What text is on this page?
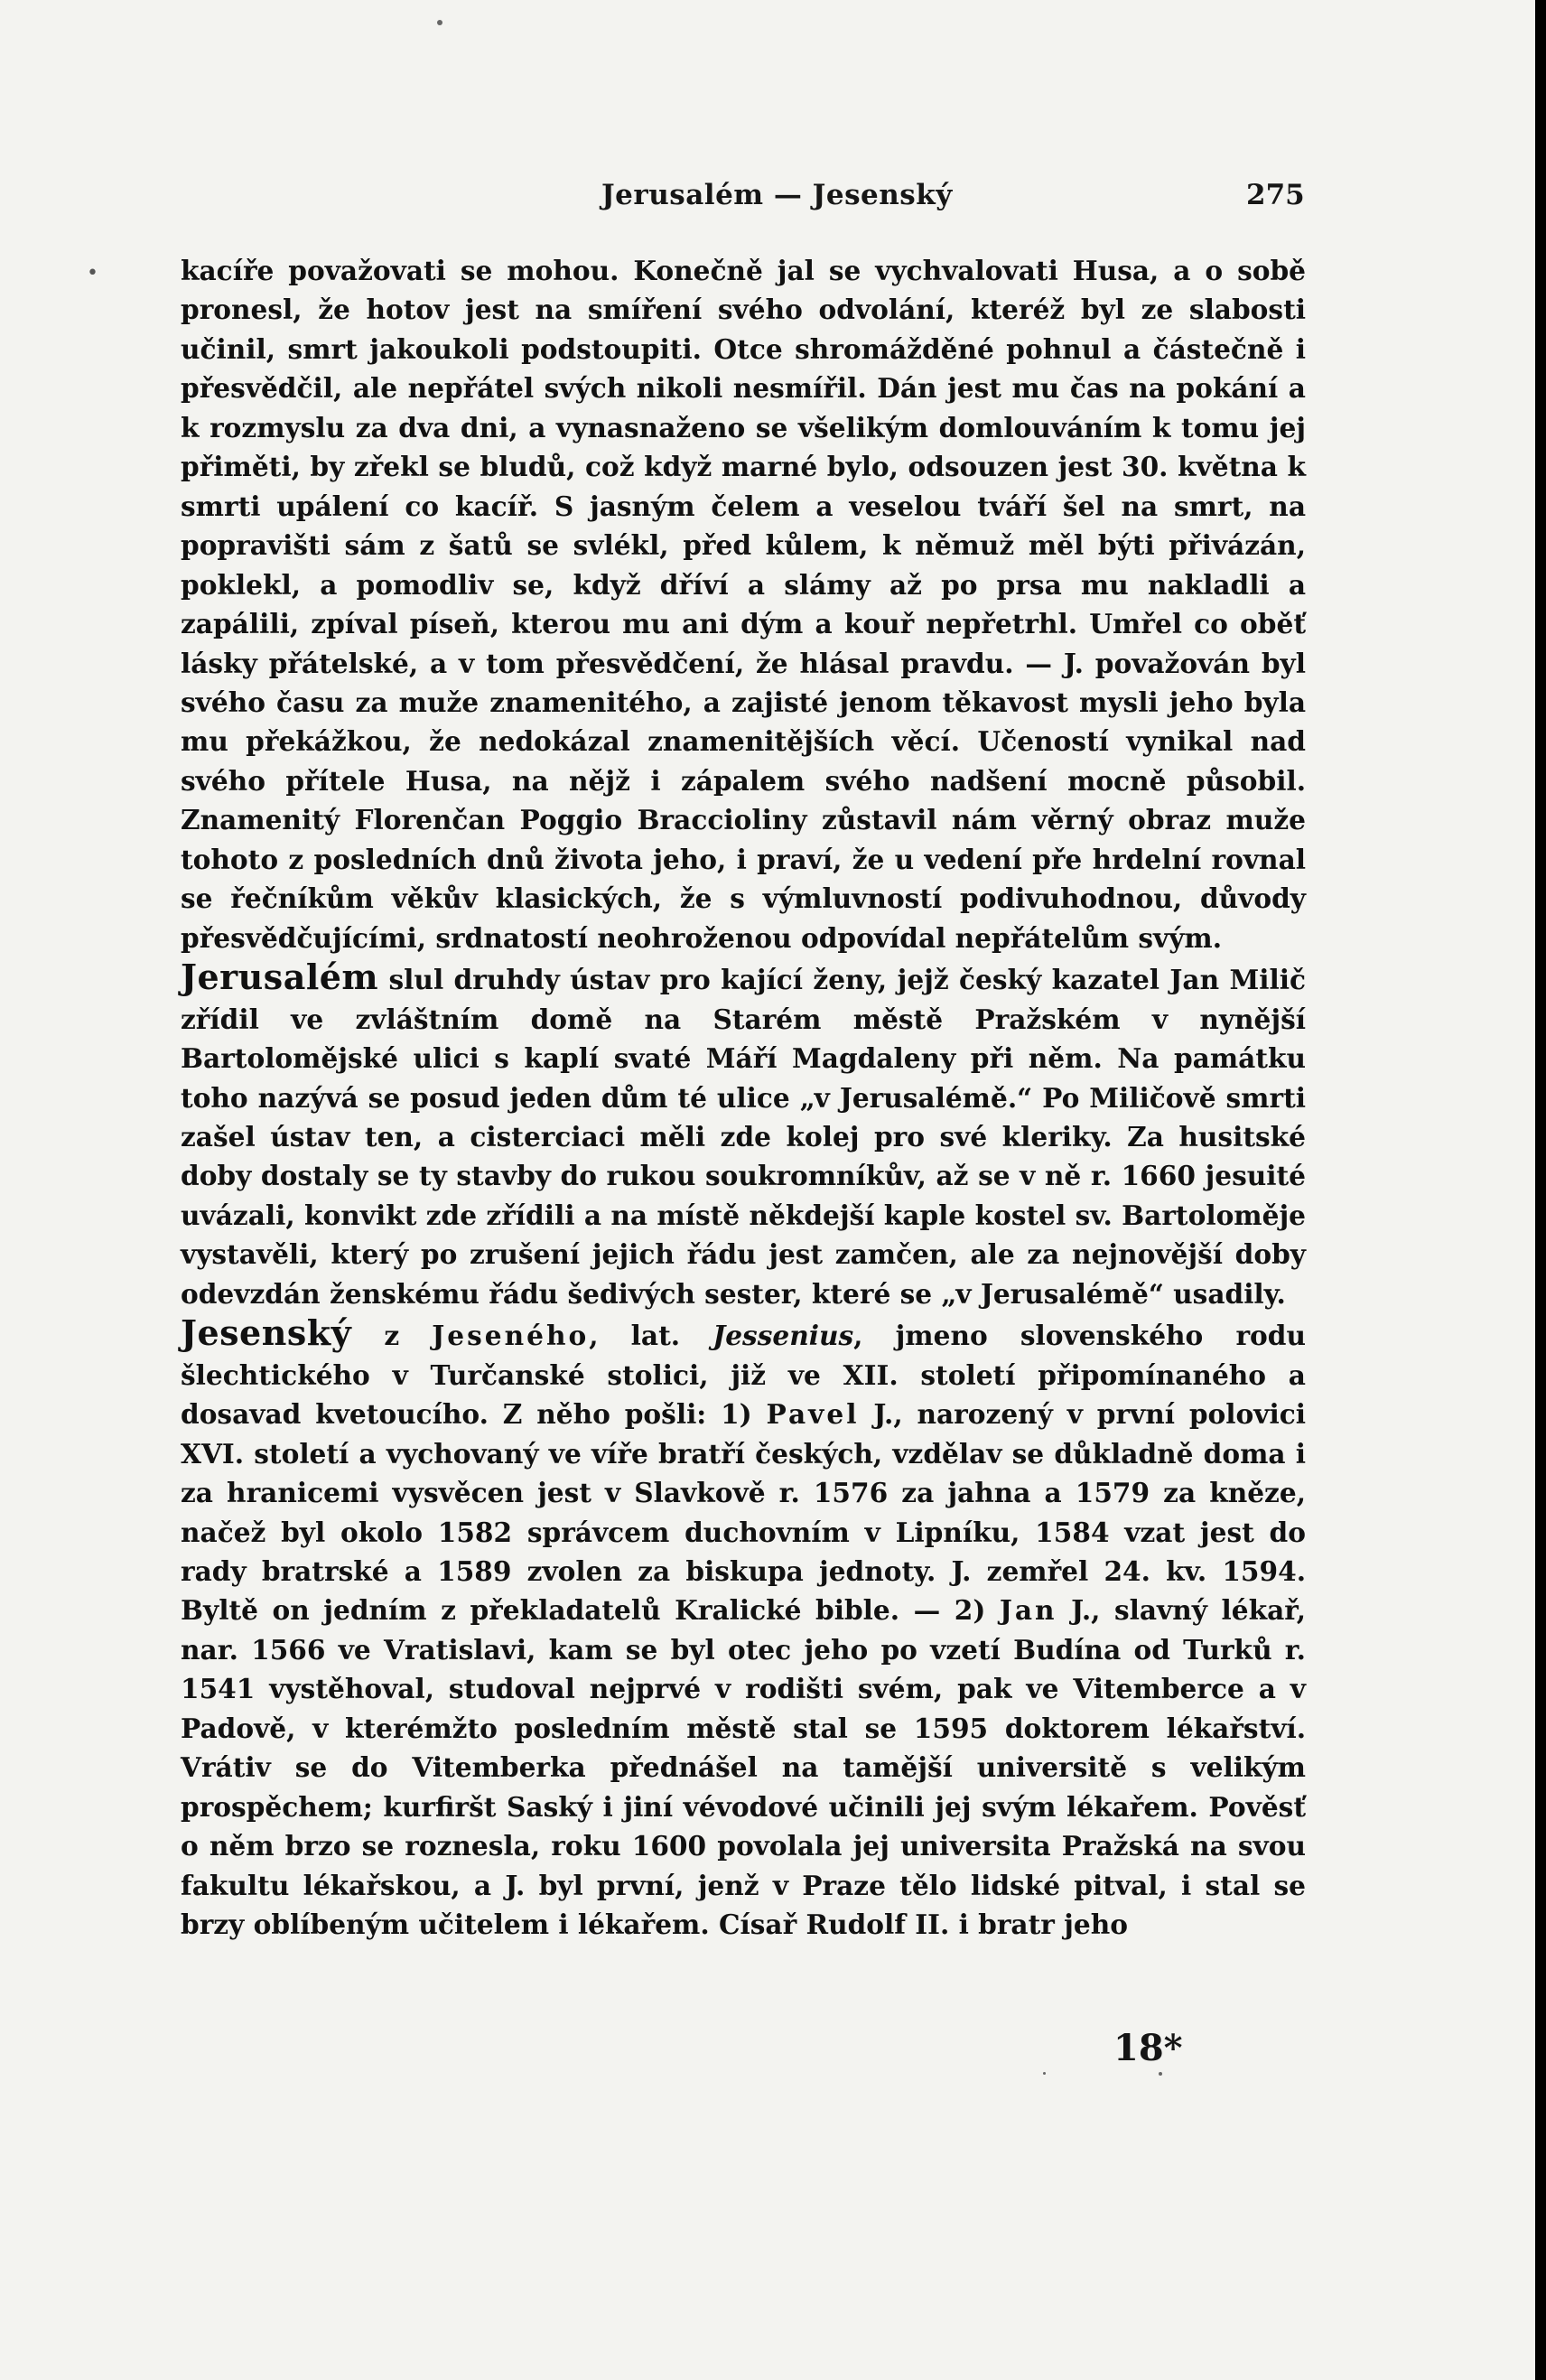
Jerusalém — Jesenský	275
•	kacíře považovati se mohou. Konečně jal se vychvalovati Husa, a o sobě pronesl, že hotov jest na smíření svého odvolání, kteréž byl ze slabosti učinil, smrt jakoukoli podstoupiti. Otce shromážděné pohnul a částečně i přesvědčil, ale nepřátel svých nikoli nesmířil. Dán jest mu čas na pokání a k rozmyslu za dva dni, a vynasnaženo se všelikým domlouváním k tomu jej přiměti, by zřekl se bludů, což když marné bylo, odsouzen jest 30. května k smrti upálení co kacíř. S jasným čelem a veselou tváří šel na smrt, na popravišti sám z šatů se svlékl, před kůlem, k němuž měl býti přivázán, poklekl, a pomodliv se, když dříví a slámy až po prsa mu nakladli a zapálili, zpíval píseň, kterou mu ani dým a kouř nepřetrhl. Umřel co oběť lásky přátelské, a v tom přesvědčení, že hlásal pravdu. — J. považován byl svého času za muže znamenitého, a zajisté jenom těkavost mysli jeho byla mu překážkou, že nedokázal znamenitějších věcí. Učeností vynikal nad svého přítele Husa, na nějž i zápalem svého nadšení mocně působil. Znamenitý Florenčan Poggio Braccioliny zůstavil nám věrný obraz muže tohoto z posledních dnů života jeho, i praví, že u vedení pře hrdelní rovnal se řečníkům věkův klasických, že s výmluvností podivuhodnou, důvody přesvědčujícími, srdnatostí neohroženou odpovídal nepřátelům svým.

Jerusalém slul druhdy ústav pro kající ženy, jejž český kazatel Jan Milič zřídil ve zvláštním domě na Starém městě Pražském v nynější Bartolomějské ulici s kaplí svaté Máří Magdaleny při něm. Na památku toho nazývá se posud jeden dům té ulice „v Jerusalémě.“ Po Miličově smrti zašel ústav ten, a cisterciaci měli zde kolej pro své kleriky. Za husitské doby dostaly se ty stavby do rukou soukromníkův, až se v ně r. 1660 jesuité uvázali, konvikt zde zřídili a na místě někdejší kaple kostel sv. Bartoloměje vystavěli, který po zrušení jejich řádu jest zamčen, ale za nejnovější doby odevzdán ženskému řádu šedivých sester, které se „v Jerusalémě“ usadily.

Jesenský z Jeseného, lat. Jessenius, jmeno slovenského rodu šlechtického v Turčanské stolici, již ve XII. století připomínaného a dosavad kvetoucího. Z něho pošli: 1) Pavel J., narozený v první polovici XVI. století a vychovaný ve víře bratří českých, vzdělav se důkladně doma i za hranicemi vysvěcen jest v Slavkově r. 1576 za jahna a 1579 za kněze, načež byl okolo 1582 správcem duchovním v Lipníku, 1584 vzat jest do rady bratrské a 1589 zvolen za biskupa jednoty. J. zemřel 24. kv. 1594. Byltě on jedním z překladatelů Kralické bible. — 2) Jan J., slavný lékař, nar. 1566 ve Vratislavi, kam se byl otec jeho po vzetí Budína od Turků r. 1541 vystěhoval, studoval nejprvé v rodišti svém, pak ve Vitemberce a v Padově, v kterémžto posledním městě stal se 1595 doktorem lékařství. Vrátiv se do Vitemberka přednášel na tamější universitě s velikým prospěchem; kurfiršt Saský i jiní vévodové učinili jej svým lékařem. Pověsť o něm brzo se roznesla, roku 1600 povolala jej universita Pražská na svou fakultu lékařskou, a J. byl první, jenž v Praze tělo lidské pitval, i stal se brzy oblíbeným učitelem i lékařem. Císař Rudolf II. i bratr jeho

18*
